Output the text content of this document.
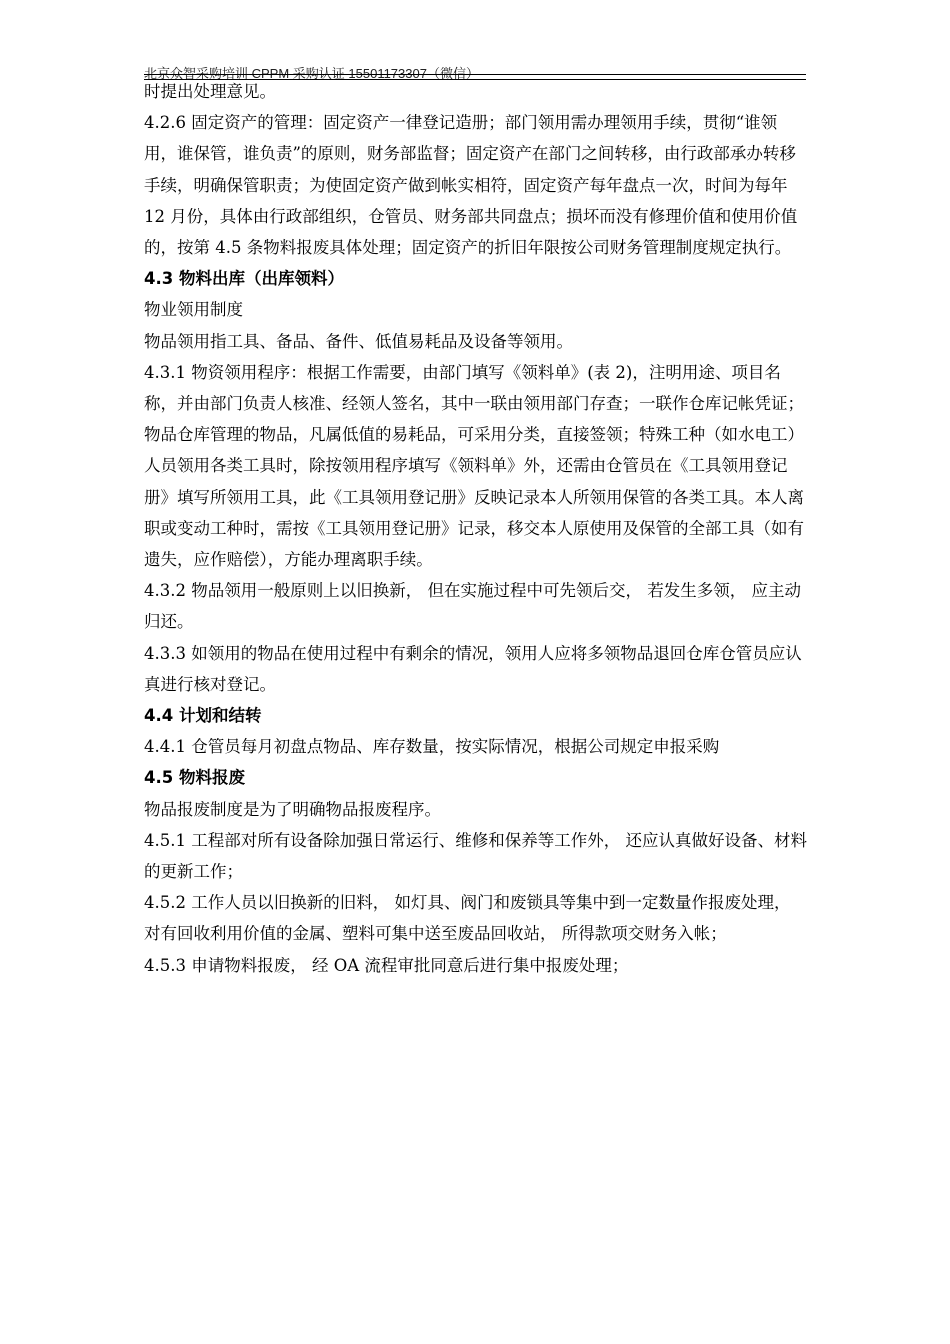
北京众智采购培训 CPPM 采购认证 15501173307（微信）

时提出处理意见。

4.2.6 固定资产的管理：固定资产一律登记造册；部门领用需办理领用手续，贯彻“谁领用，谁保管，谁负责”的原则，财务部监督；固定资产在部门之间转移，由行政部承办转移手续，明确保管职责；为使固定资产做到帐实相符，固定资产每年盘点一次，时间为每年 12 月份，具体由行政部组织，仓管员、财务部共同盘点；损坏而没有修理价值和使用价值的，按第 4.5 条物料报废具体处理；固定资产的折旧年限按公司财务管理制度规定执行。

4.3 物料出库（出库领料）

物业领用制度

物品领用指工具、备品、备件、低值易耗品及设备等领用。

4.3.1 物资领用程序：根据工作需要，由部门填写《领料单》(表 2)，注明用途、项目名称，并由部门负责人核准、经领人签名，其中一联由领用部门存查；一联作仓库记帐凭证；物品仓库管理的物品，凡属低值的易耗品，可采用分类，直接签领；特殊工种（如水电工）人员领用各类工具时，除按领用程序填写《领料单》外，还需由仓管员在《工具领用登记册》填写所领用工具，此《工具领用登记册》反映记录本人所领用保管的各类工具。本人离职或变动工种时，需按《工具领用登记册》记录，移交本人原使用及保管的全部工具（如有遗失，应作赔偿），方能办理离职手续。

4.3.2 物品领用一般原则上以旧换新， 但在实施过程中可先领后交， 若发生多领， 应主动归还。

4.3.3 如领用的物品在使用过程中有剩余的情况，领用人应将多领物品退回仓库仓管员应认真进行核对登记。

4.4 计划和结转

4.4.1 仓管员每月初盘点物品、库存数量，按实际情况，根据公司规定申报采购

4.5 物料报废

物品报废制度是为了明确物品报废程序。

4.5.1 工程部对所有设备除加强日常运行、维修和保养等工作外， 还应认真做好设备、材料的更新工作；

4.5.2 工作人员以旧换新的旧料， 如灯具、阀门和废锁具等集中到一定数量作报废处理， 对有回收利用价值的金属、塑料可集中送至废品回收站， 所得款项交财务入帐；

4.5.3 申请物料报废， 经 OA 流程审批同意后进行集中报废处理；
